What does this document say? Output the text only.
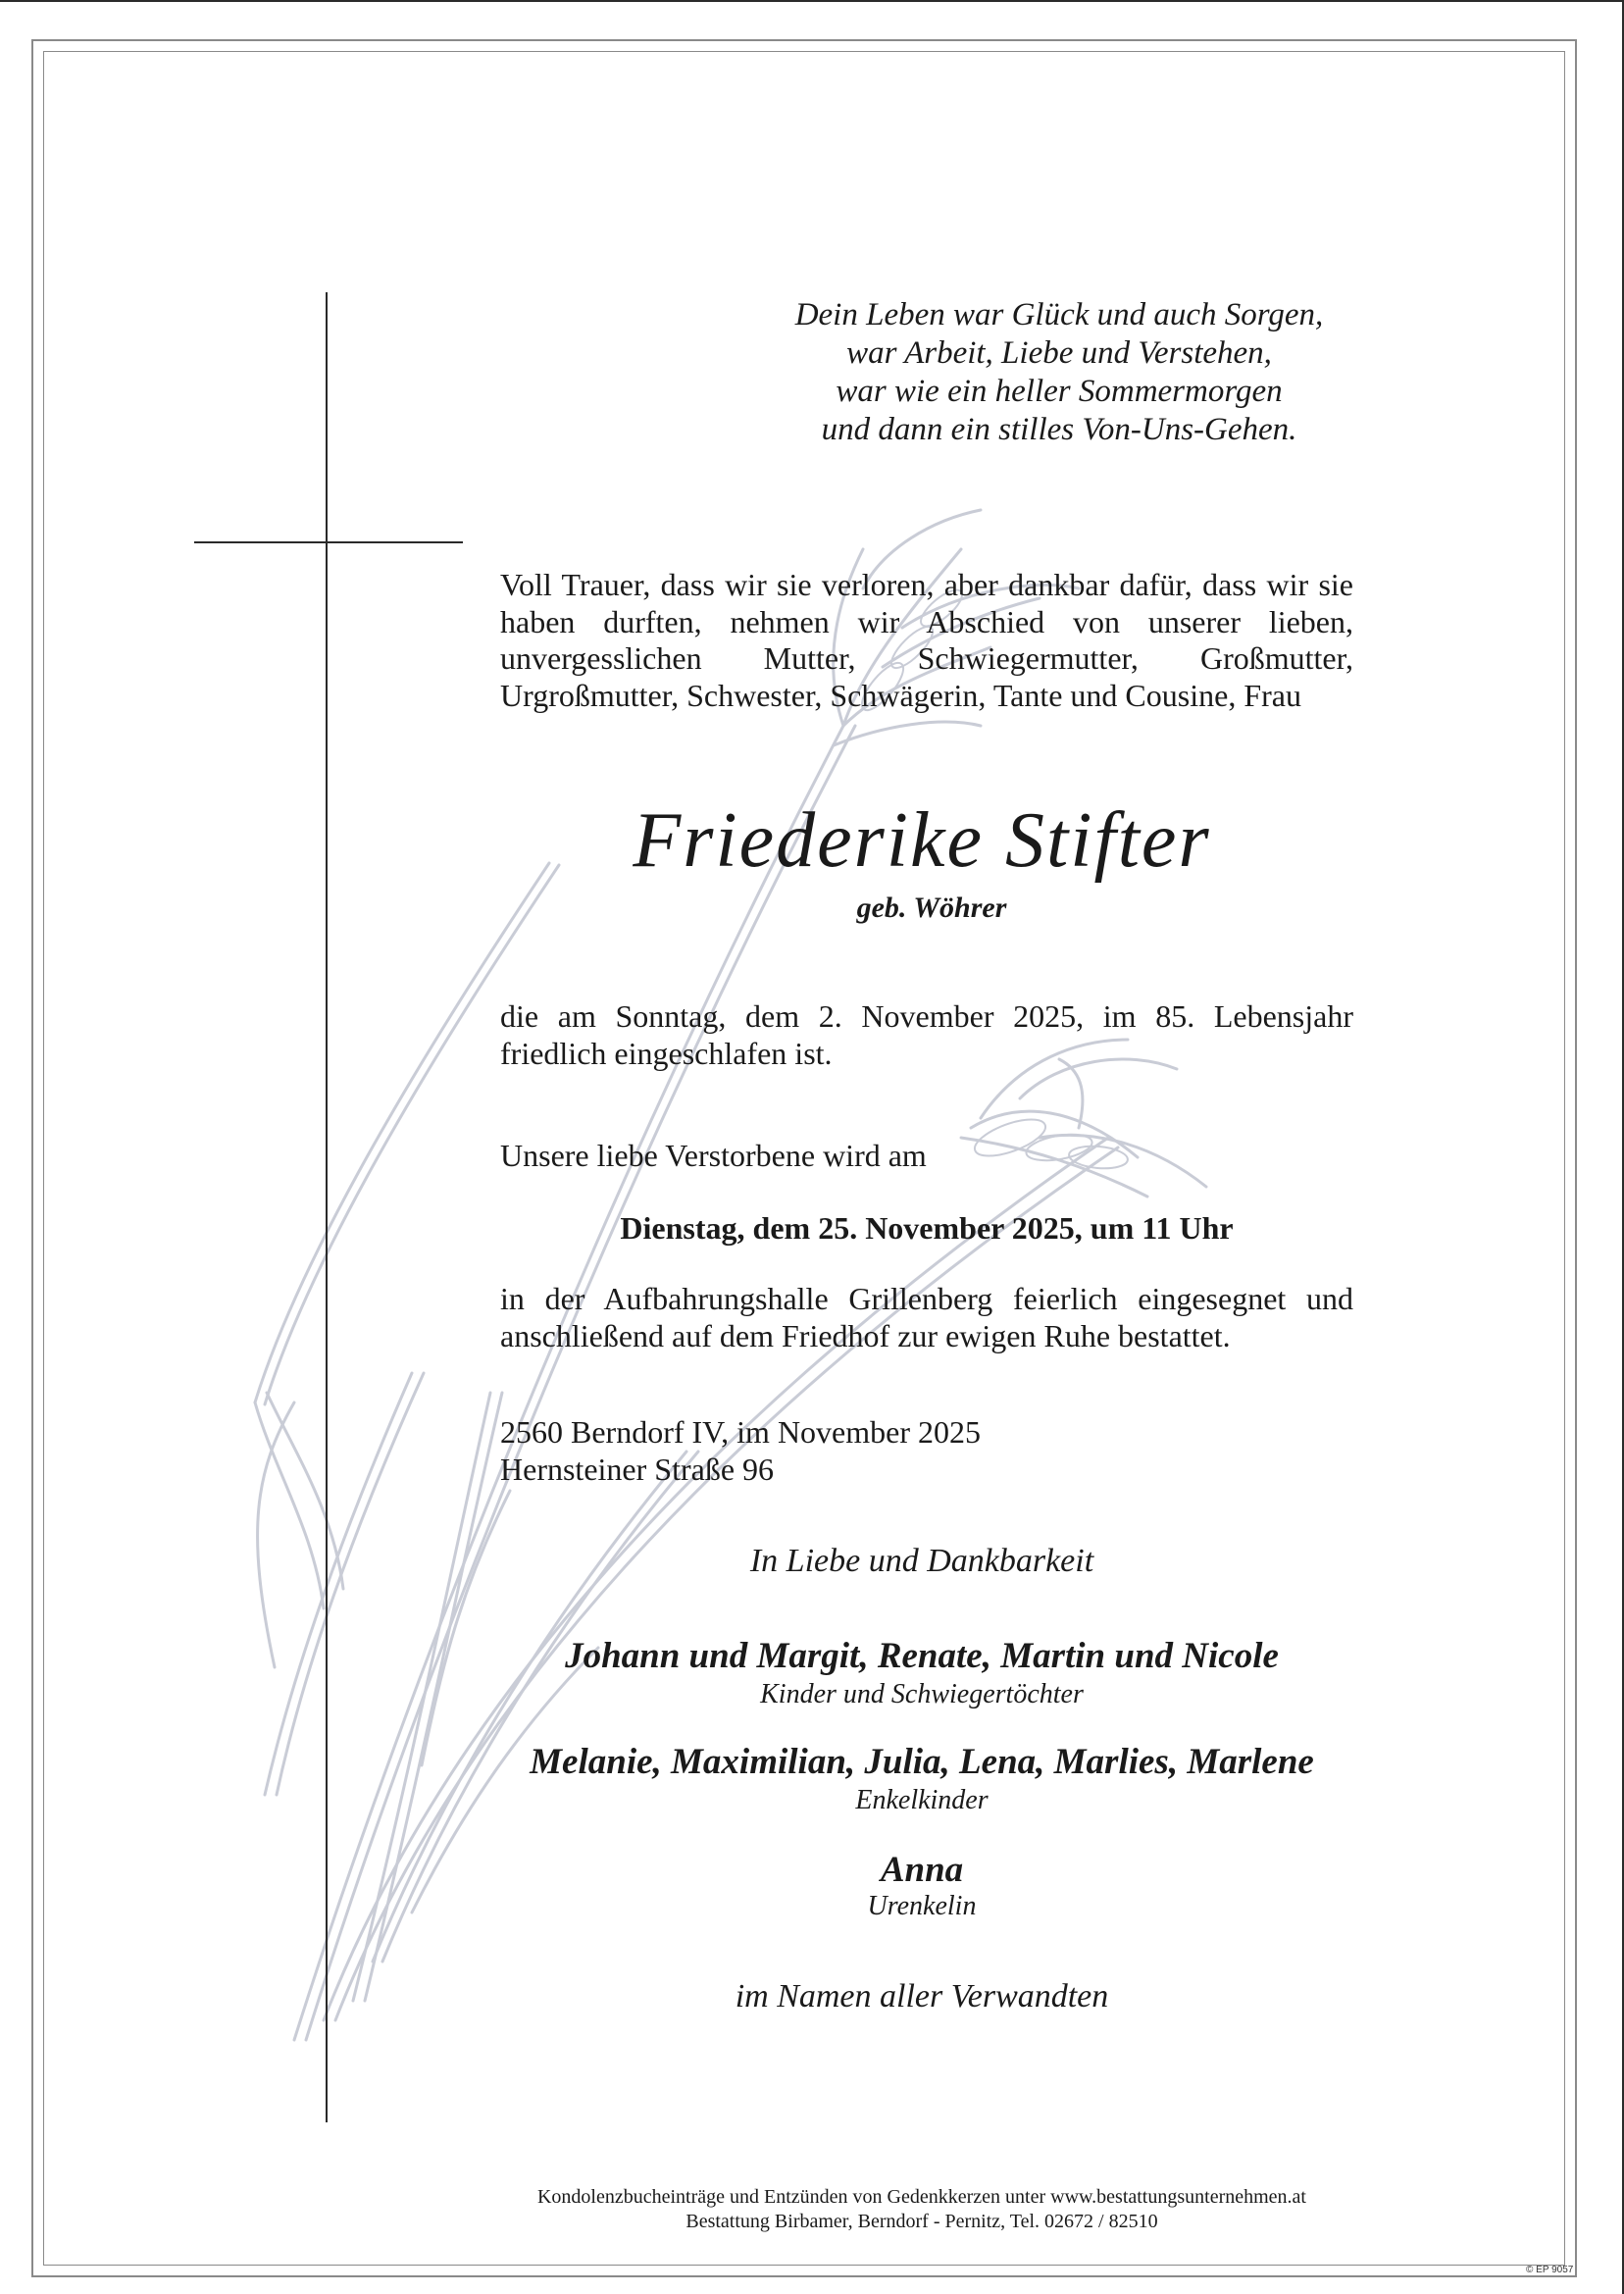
Dein Leben war Glück und auch Sorgen,
war Arbeit, Liebe und Verstehen,
war wie ein heller Sommermorgen
und dann ein stilles Von-Uns-Gehen.
Voll Trauer, dass wir sie verloren, aber dankbar dafür, dass wir sie
haben durften, nehmen wir Abschied von unserer lieben,
unvergesslichen Mutter, Schwiegermutter, Großmutter,
Urgroßmutter, Schwester, Schwägerin, Tante und Cousine, Frau
Friederike Stifter
geb. Wöhrer
die am Sonntag, dem 2. November 2025, im 85. Lebensjahr
friedlich eingeschlafen ist.
Unsere liebe Verstorbene wird am
Dienstag, dem 25. November 2025, um 11 Uhr
in der Aufbahrungshalle Grillenberg feierlich eingesegnet und
anschließend auf dem Friedhof zur ewigen Ruhe bestattet.
2560 Berndorf IV, im November 2025
Hernsteiner Straße 96
In Liebe und Dankbarkeit
Johann und Margit, Renate, Martin und Nicole
Kinder und Schwiegertöchter
Melanie, Maximilian, Julia, Lena, Marlies, Marlene
Enkelkinder
Anna
Urenkelin
im Namen aller Verwandten
Kondolenzbucheinträge und Entzünden von Gedenkkerzen unter www.bestattungsunternehmen.at
Bestattung Birbamer, Berndorf - Pernitz, Tel. 02672 / 82510
© EP 9057
